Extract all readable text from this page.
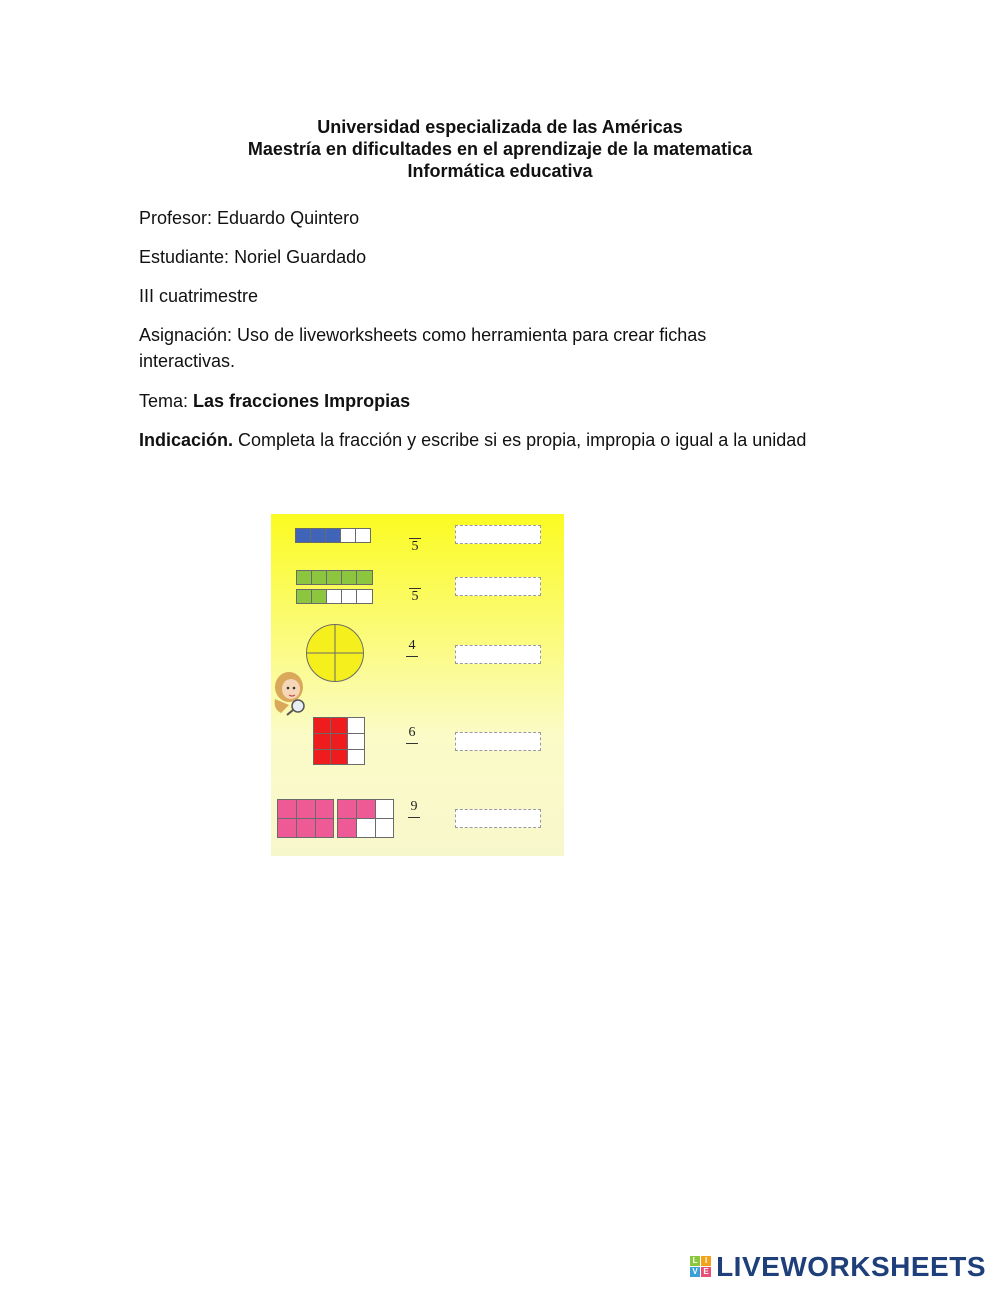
Universidad especializada de las Américas
Maestría en dificultades en el aprendizaje de la matematica
Informática educativa
Profesor: Eduardo Quintero
Estudiante: Noriel Guardado
III cuatrimestre
Asignación: Uso de liveworksheets como herramienta para crear fichas interactivas.
Tema: Las fracciones Impropias
Indicación. Completa la fracción y escribe si es propia, impropia o igual a la unidad
5
5
4
6
9
L I
V E LIVEWORKSHEETS
